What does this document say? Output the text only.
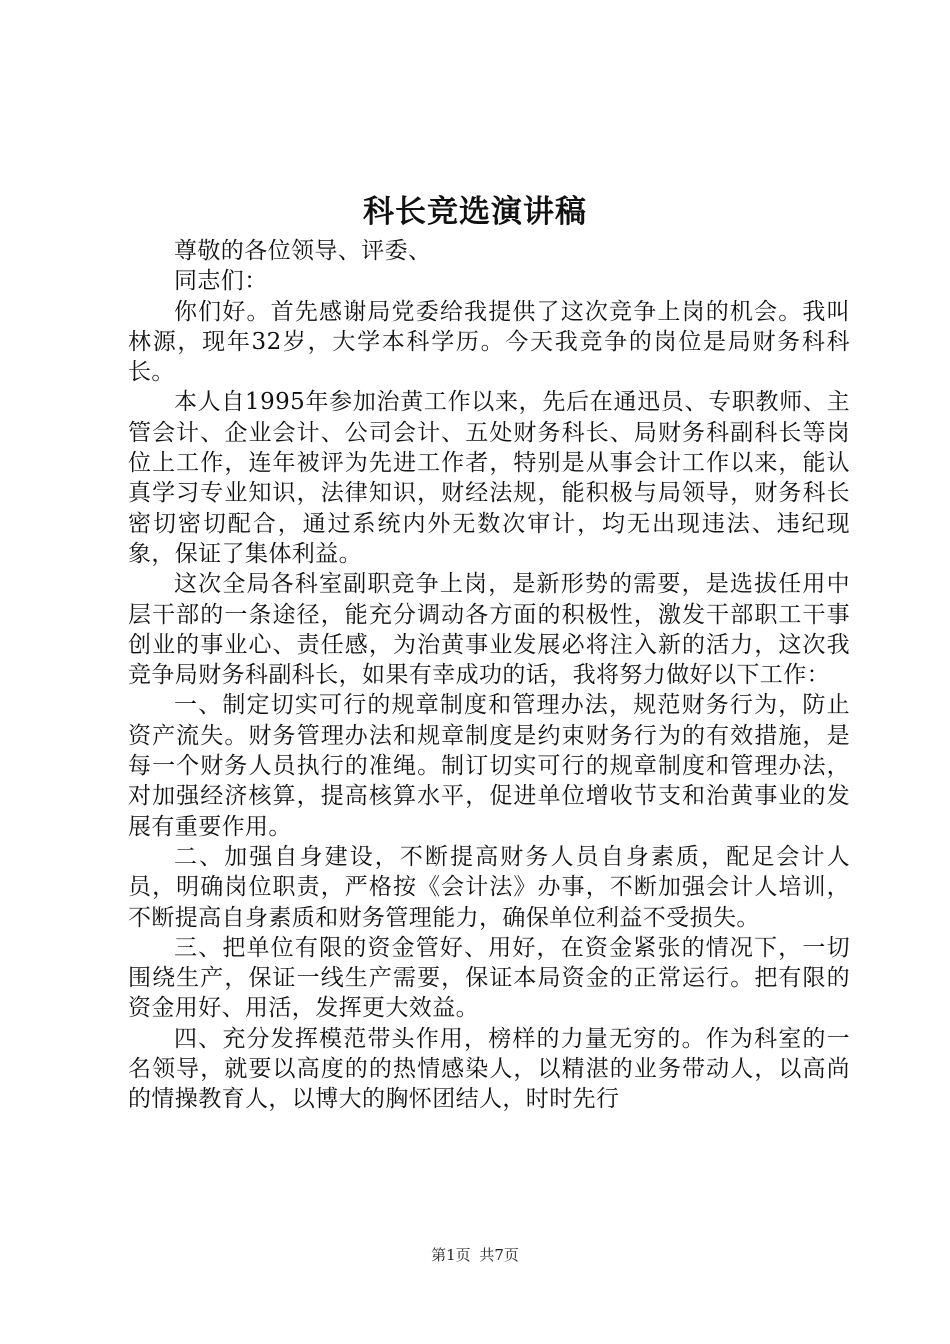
科长竞选演讲稿

尊敬的各位领导、评委、

同志们：

你们好。首先感谢局党委给我提供了这次竞争上岗的机会。我叫林源，现年32岁，大学本科学历。今天我竞争的岗位是局财务科科长。

本人自1995年参加治黄工作以来，先后在通迅员、专职教师、主管会计、企业会计、公司会计、五处财务科长、局财务科副科长等岗位上工作，连年被评为先进工作者，特别是从事会计工作以来，能认真学习专业知识，法律知识，财经法规，能积极与局领导，财务科长密切密切配合，通过系统内外无数次审计，均无出现违法、违纪现象，保证了集体利益。

这次全局各科室副职竞争上岗，是新形势的需要，是选拔任用中层干部的一条途径，能充分调动各方面的积极性，激发干部职工干事创业的事业心、责任感，为治黄事业发展必将注入新的活力，这次我竞争局财务科副科长，如果有幸成功的话，我将努力做好以下工作：

一、制定切实可行的规章制度和管理办法，规范财务行为，防止资产流失。财务管理办法和规章制度是约束财务行为的有效措施，是每一个财务人员执行的准绳。制订切实可行的规章制度和管理办法，对加强经济核算，提高核算水平，促进单位增收节支和治黄事业的发展有重要作用。

二、加强自身建设，不断提高财务人员自身素质，配足会计人员，明确岗位职责，严格按《会计法》办事，不断加强会计人培训，不断提高自身素质和财务管理能力，确保单位利益不受损失。

三、把单位有限的资金管好、用好，在资金紧张的情况下，一切围绕生产，保证一线生产需要，保证本局资金的正常运行。把有限的资金用好、用活，发挥更大效益。

四、充分发挥模范带头作用，榜样的力量无穷的。作为科室的一名领导，就要以高度的的热情感染人，以精湛的业务带动人，以高尚的情操教育人，以博大的胸怀团结人，时时先行

第1页 共7页
